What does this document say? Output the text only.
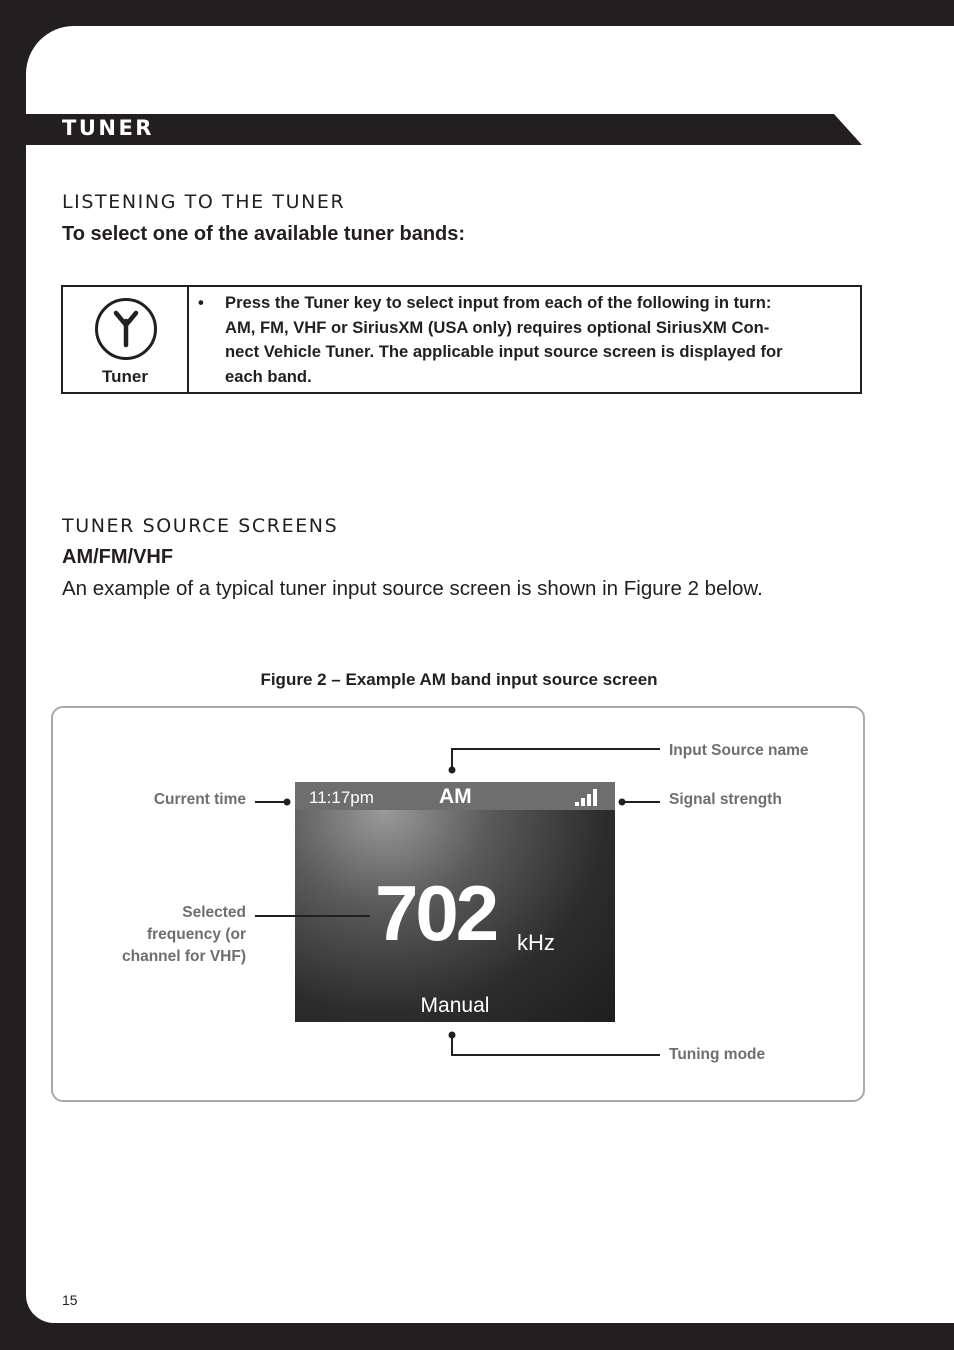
TUNER
LISTENING TO THE TUNER
To select one of the available tuner bands:
Tuner

• Press the Tuner key to select input from each of the following in turn:
AM, FM, VHF or SiriusXM (USA only) requires optional SiriusXM Con-
nect Vehicle Tuner. The applicable input source screen is displayed for
each band.
TUNER SOURCE SCREENS
AM/FM/VHF
An example of a typical tuner input source screen is shown in Figure 2 below.
Figure 2 – Example AM band input source screen
11:17pm	AM
702 kHz
Manual
Input Source name
Current time	Signal strength
Selected
frequency (or
channel for VHF)
Tuning mode
15
